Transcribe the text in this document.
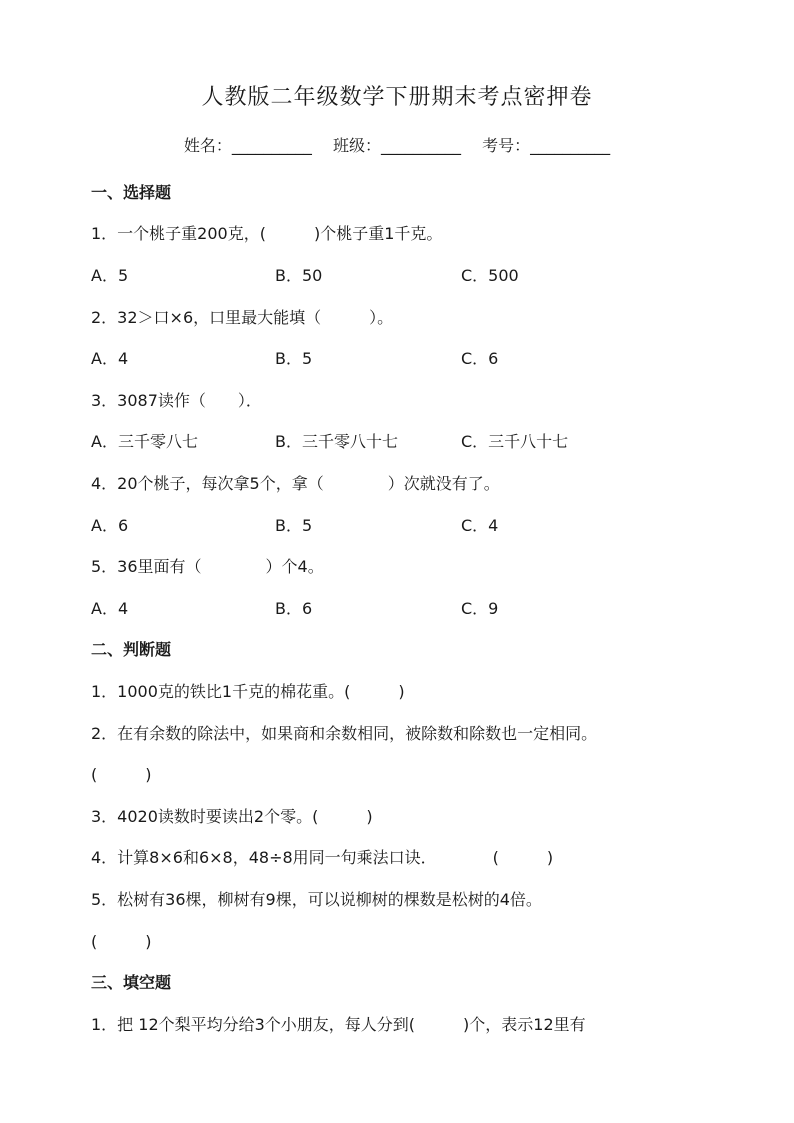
人教版二年级数学下册期末考点密押卷
姓名：__________ 班级：__________ 考号：__________
一、选择题
1．一个桃子重200克，(　　　)个桃子重1千克。
A．5	B．50	C．500
2．32＞口×6，口里最大能填（　　　）。
A．4	B．5	C．6
3．3087读作（　　）．
A．三千零八七	B．三千零八十七	C．三千八十七
4．20个桃子，每次拿5个，拿（　　　　）次就没有了。
A．6	B．5	C．4
5．36里面有（　　　　）个4。
A．4	B．6	C．9
二、判断题
1．1000克的铁比1千克的棉花重。(　　　)
2．在有余数的除法中，如果商和余数相同，被除数和除数也一定相同。
(　　　)
3．4020读数时要读出2个零。(　　　)
4．计算8×6和6×8，48÷8用同一句乘法口诀．　　　　(　　　)
5．松树有36棵，柳树有9棵，可以说柳树的棵数是松树的4倍。
(　　　)
三、填空题
1．把 12个梨平均分给3个小朋友，每人分到(　　　)个，表示12里有
